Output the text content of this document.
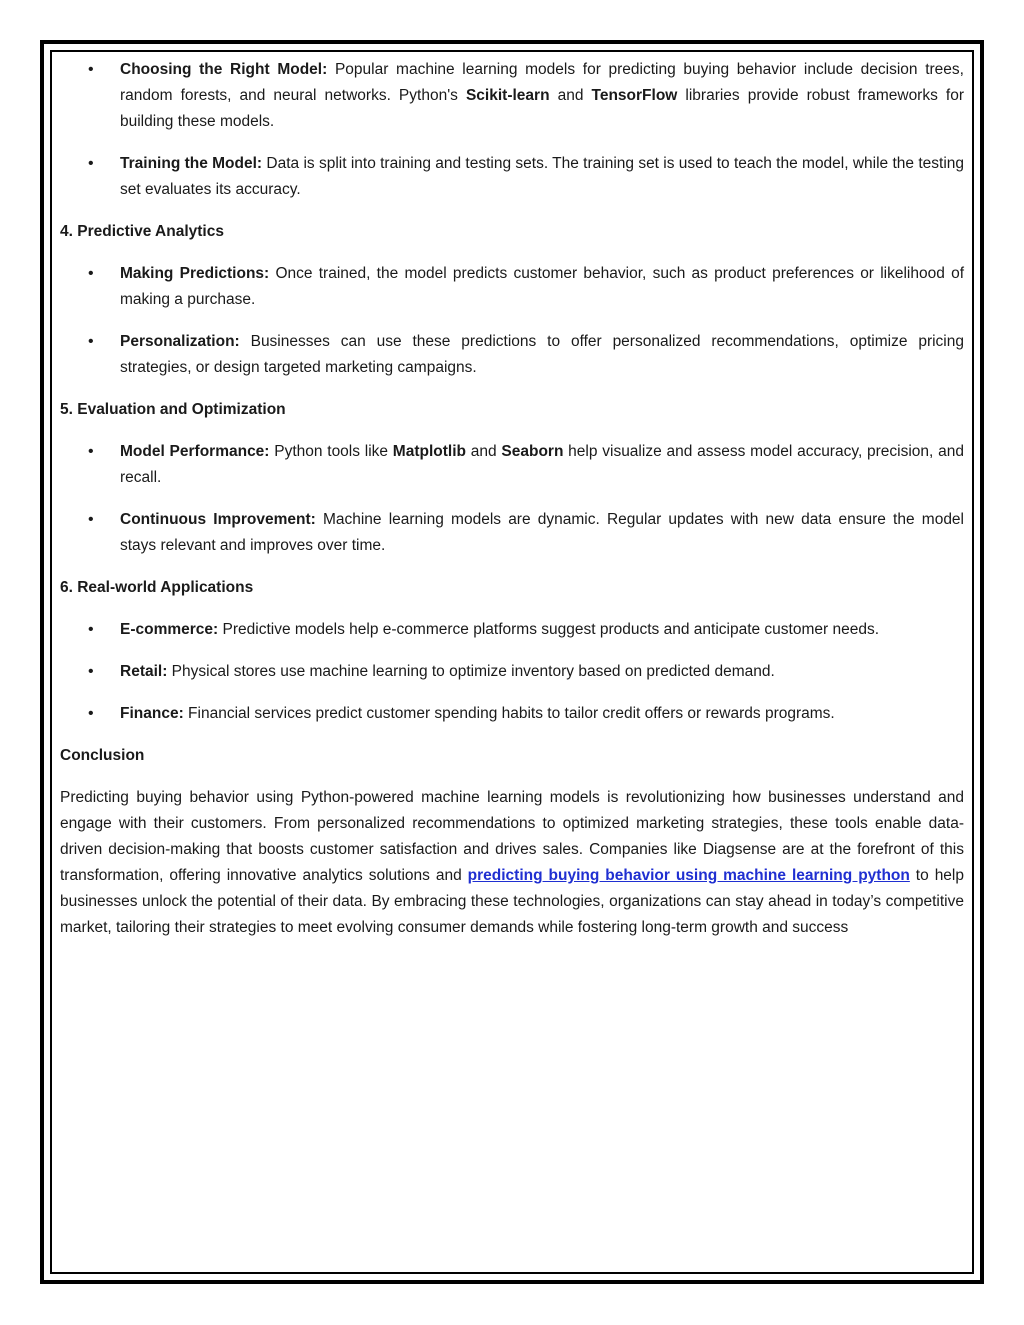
• Choosing the Right Model: Popular machine learning models for predicting buying behavior include decision trees, random forests, and neural networks. Python's Scikit-learn and TensorFlow libraries provide robust frameworks for building these models.
• Training the Model: Data is split into training and testing sets. The training set is used to teach the model, while the testing set evaluates its accuracy.
4. Predictive Analytics
• Making Predictions: Once trained, the model predicts customer behavior, such as product preferences or likelihood of making a purchase.
• Personalization: Businesses can use these predictions to offer personalized recommendations, optimize pricing strategies, or design targeted marketing campaigns.
5. Evaluation and Optimization
• Model Performance: Python tools like Matplotlib and Seaborn help visualize and assess model accuracy, precision, and recall.
• Continuous Improvement: Machine learning models are dynamic. Regular updates with new data ensure the model stays relevant and improves over time.
6. Real-world Applications
• E-commerce: Predictive models help e-commerce platforms suggest products and anticipate customer needs.
• Retail: Physical stores use machine learning to optimize inventory based on predicted demand.
• Finance: Financial services predict customer spending habits to tailor credit offers or rewards programs.
Conclusion

Predicting buying behavior using Python-powered machine learning models is revolutionizing how businesses understand and engage with their customers. From personalized recommendations to optimized marketing strategies, these tools enable data-driven decision-making that boosts customer satisfaction and drives sales. Companies like Diagsense are at the forefront of this transformation, offering innovative analytics solutions and predicting buying behavior using machine learning python to help businesses unlock the potential of their data. By embracing these technologies, organizations can stay ahead in today’s competitive market, tailoring their strategies to meet evolving consumer demands while fostering long-term growth and success
